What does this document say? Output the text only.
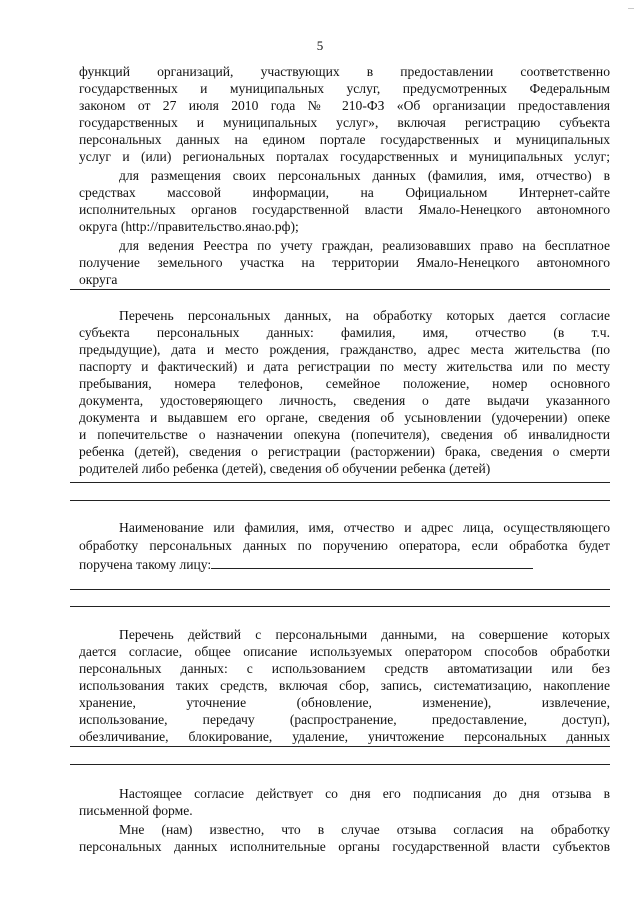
...
5
функций организаций, участвующих в предоставлении соответственно
государственных и муниципальных услуг, предусмотренных Федеральным
законом от 27 июля 2010 года № 210-ФЗ «Об организации предоставления
государственных и муниципальных услуг», включая регистрацию субъекта
персональных данных на едином портале государственных и муниципальных
услуг и (или) региональных порталах государственных и муниципальных услуг;
для размещения своих персональных данных (фамилия, имя, отчество) в
средствах массовой информации, на Официальном Интернет-сайте
исполнительных органов государственной власти Ямало-Ненецкого автономного
округа (http://правительство.янао.рф);
для ведения Реестра по учету граждан, реализовавших право на бесплатное
получение земельного участка на территории Ямало-Ненецкого автономного
округа
Перечень персональных данных, на обработку которых дается согласие
субъекта персональных данных: фамилия, имя, отчество (в т.ч.
предыдущие), дата и место рождения, гражданство, адрес места жительства (по
паспорту и фактический) и дата регистрации по месту жительства или по месту
пребывания, номера телефонов, семейное положение, номер основного
документа, удостоверяющего личность, сведения о дате выдачи указанного
документа и выдавшем его органе, сведения об усыновлении (удочерении) опеке
и попечительстве о назначении опекуна (попечителя), сведения об инвалидности
ребенка (детей), сведения о регистрации (расторжении) брака, сведения о смерти
родителей либо ребенка (детей), сведения об обучении ребенка (детей)
Наименование или фамилия, имя, отчество и адрес лица, осуществляющего
обработку персональных данных по поручению оператора, если обработка будет
поручена такому лицу:
Перечень действий с персональными данными, на совершение которых
дается согласие, общее описание используемых оператором способов обработки
персональных данных: с использованием средств автоматизации или без
использования таких средств, включая сбор, запись, систематизацию, накопление
хранение, уточнение (обновление, изменение), извлечение,
использование, передачу (распространение, предоставление, доступ),
обезличивание, блокирование, удаление, уничтожение персональных данных
Настоящее согласие действует со дня его подписания до дня отзыва в
письменной форме.
Мне (нам) известно, что в случае отзыва согласия на обработку
персональных данных исполнительные органы государственной власти субъектов
